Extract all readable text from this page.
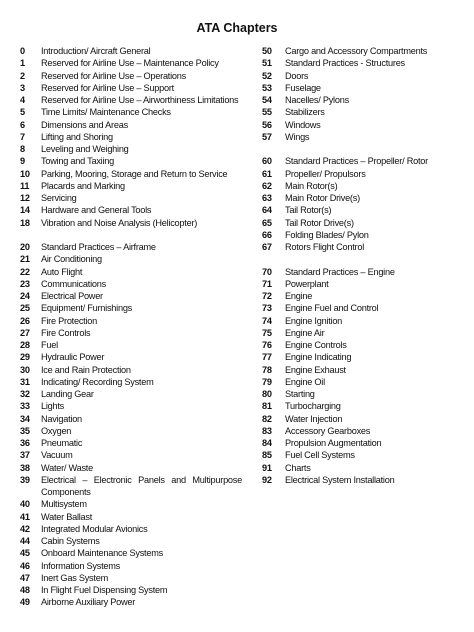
ATA Chapters
0	Introduction/ Aircraft General
1	Reserved for Airline Use – Maintenance Policy
2	Reserved for Airline Use – Operations
3	Reserved for Airline Use – Support
4	Reserved for Airline Use – Airworthiness Limitations
5	Time Limits/ Maintenance Checks
6	Dimensions and Areas
7	Lifting and Shoring
8	Leveling and Weighing
9	Towing and Taxiing
10	Parking, Mooring, Storage and Return to Service
11	Placards and Marking
12	Servicing
14	Hardware and General Tools
18	Vibration and Noise Analysis (Helicopter)
20	Standard Practices – Airframe
21	Air Conditioning
22	Auto Flight
23	Communications
24	Electrical Power
25	Equipment/ Furnishings
26	Fire Protection
27	Fire Controls
28	Fuel
29	Hydraulic Power
30	Ice and Rain Protection
31	Indicating/ Recording System
32	Landing Gear
33	Lights
34	Navigation
35	Oxygen
36	Pneumatic
37	Vacuum
38	Water/ Waste
39	Electrical – Electronic Panels and Multipurpose Components
40	Multisystem
41	Water Ballast
42	Integrated Modular Avionics
44	Cabin Systems
45	Onboard Maintenance Systems
46	Information Systems
47	Inert Gas System
48	In Flight Fuel Dispensing System
49	Airborne Auxiliary Power
50	Cargo and Accessory Compartments
51	Standard Practices - Structures
52	Doors
53	Fuselage
54	Nacelles/ Pylons
55	Stabilizers
56	Windows
57	Wings
60	Standard Practices – Propeller/ Rotor
61	Propeller/ Propulsors
62	Main Rotor(s)
63	Main Rotor Drive(s)
64	Tail Rotor(s)
65	Tail Rotor Drive(s)
66	Folding Blades/ Pylon
67	Rotors Flight Control
70	Standard Practices – Engine
71	Powerplant
72	Engine
73	Engine Fuel and Control
74	Engine Ignition
75	Engine Air
76	Engine Controls
77	Engine Indicating
78	Engine Exhaust
79	Engine Oil
80	Starting
81	Turbocharging
82	Water Injection
83	Accessory Gearboxes
84	Propulsion Augmentation
85	Fuel Cell Systems
91	Charts
92	Electrical System Installation
